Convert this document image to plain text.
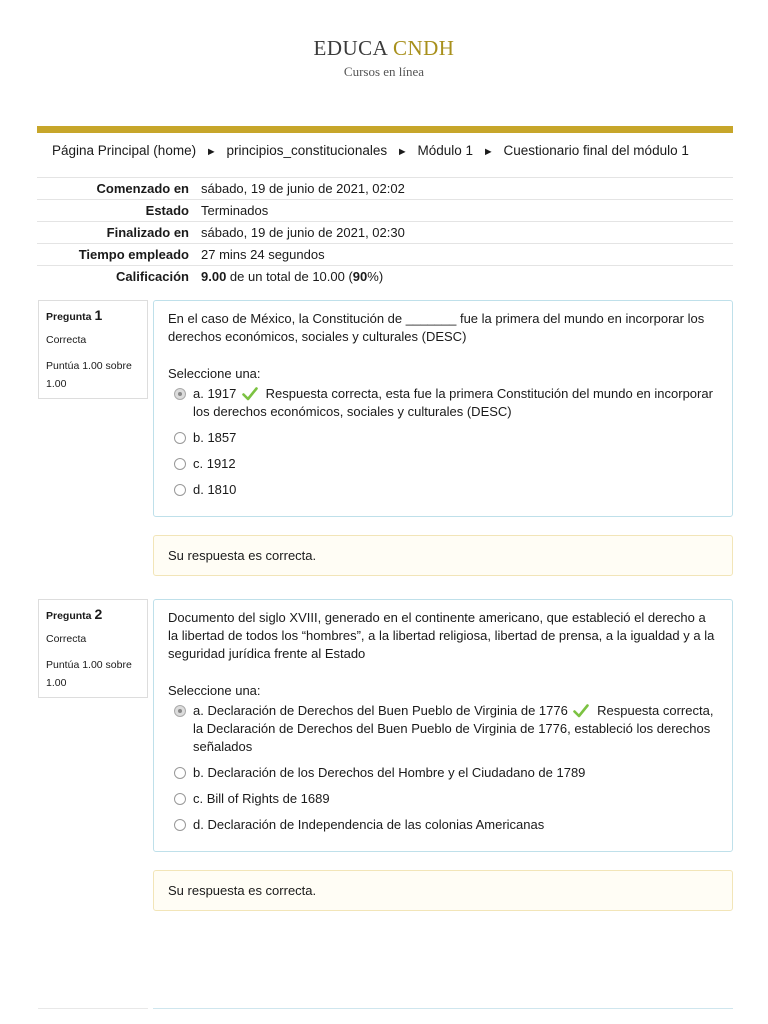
EDUCA CNDH
Cursos en línea
Página Principal (home) ► principios_constitucionales ► Módulo 1 ► Cuestionario final del módulo 1
Comenzado en	sábado, 19 de junio de 2021, 02:02
Estado	Terminados
Finalizado en	sábado, 19 de junio de 2021, 02:30
Tiempo empleado	27 mins 24 segundos
Calificación	9.00 de un total de 10.00 (90%)
Pregunta 1
Correcta
Puntúa 1.00 sobre 1.00
En el caso de México, la Constitución de _______ fue la primera del mundo en incorporar los derechos económicos, sociales y culturales (DESC)
Seleccione una:
a. 1917 Respuesta correcta, esta fue la primera Constitución del mundo en incorporar los derechos económicos, sociales y culturales (DESC)
b. 1857
c. 1912
d. 1810
Su respuesta es correcta.
Pregunta 2
Correcta
Puntúa 1.00 sobre 1.00
Documento del siglo XVIII, generado en el continente americano, que estableció el derecho a la libertad de todos los “hombres”, a la libertad religiosa, libertad de prensa, a la igualdad y a la seguridad jurídica frente al Estado
Seleccione una:
a. Declaración de Derechos del Buen Pueblo de Virginia de 1776 Respuesta correcta, la Declaración de Derechos del Buen Pueblo de Virginia de 1776, estableció los derechos señalados
b. Declaración de los Derechos del Hombre y el Ciudadano de 1789
c. Bill of Rights de 1689
d. Declaración de Independencia de las colonias Americanas
Su respuesta es correcta.
